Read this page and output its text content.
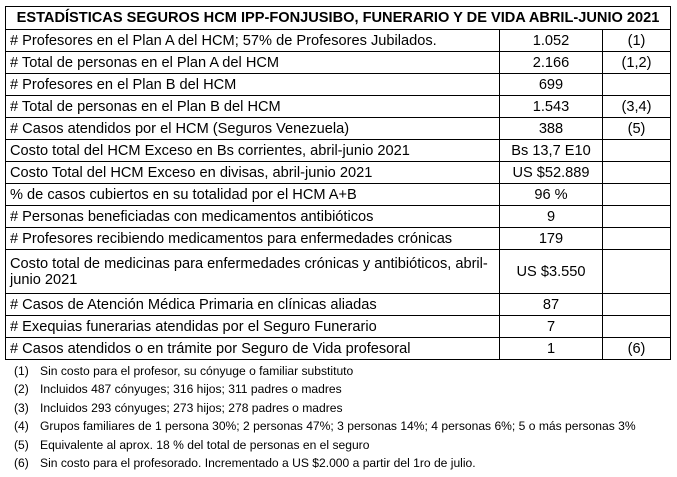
ESTADÍSTICAS SEGUROS HCM IPP-FONJUSIBO, FUNERARIO Y DE VIDA ABRIL-JUNIO 2021		
# Profesores en el Plan A del HCM; 57% de Profesores Jubilados.	1.052	(1)
# Total de personas en el Plan A del HCM	2.166	(1,2)
# Profesores en el Plan B del HCM	699	
# Total de personas en el Plan B del HCM	1.543	(3,4)
# Casos atendidos por el HCM (Seguros Venezuela)	388	(5)
Costo total del HCM Exceso en Bs corrientes, abril-junio 2021	Bs 13,7 E10	
Costo Total del HCM Exceso en divisas, abril-junio 2021	US $52.889	
% de casos cubiertos en su totalidad por el HCM A+B	96 %	
# Personas beneficiadas con medicamentos antibióticos	9	
# Profesores recibiendo medicamentos para enfermedades crónicas	179	
Costo total de medicinas para enfermedades crónicas y antibióticos, abril-junio 2021	US $3.550	
# Casos de Atención Médica Primaria en clínicas aliadas	87	
# Exequias funerarias atendidas por el Seguro Funerario	7	
# Casos atendidos o en trámite por Seguro de Vida profesoral	1	(6)
(1) Sin costo para el profesor, su cónyuge o familiar substituto
(2) Incluidos 487 cónyuges; 316 hijos; 311 padres o madres
(3) Incluidos 293 cónyuges; 273 hijos; 278 padres o madres
(4) Grupos familiares de 1 persona 30%; 2 personas 47%; 3 personas 14%; 4 personas 6%; 5 o más personas 3%
(5) Equivalente al aprox. 18 % del total de personas en el seguro
(6) Sin costo para el profesorado. Incrementado a US $2.000 a partir del 1ro de julio.
